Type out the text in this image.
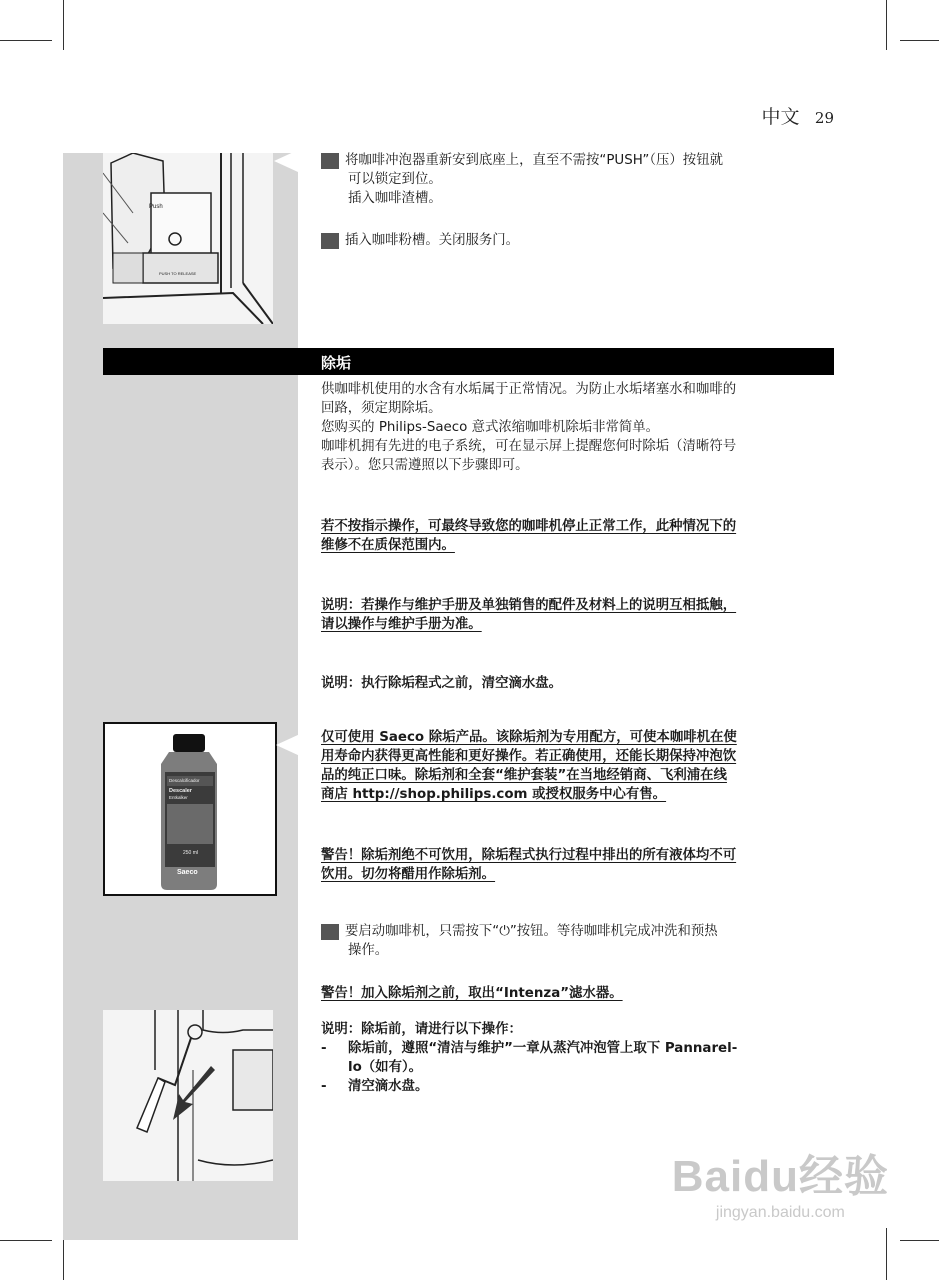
中文 29
Push
PUSH TO RELEASE
3 将咖啡冲泡器重新安到底座上，直至不需按“PUSH”（压）按钮就
可以锁定到位。
插入咖啡渣槽。
4 插入咖啡粉槽。关闭服务门。
除垢
供咖啡机使用的水含有水垢属于正常情况。为防止水垢堵塞水和咖啡的
回路，须定期除垢。
您购买的 Philips-Saeco 意式浓缩咖啡机除垢非常简单。
咖啡机拥有先进的电子系统，可在显示屏上提醒您何时除垢（清晰符号
表示）。您只需遵照以下步骤即可。
若不按指示操作，可最终导致您的咖啡机停止正常工作，此种情况下的
维修不在质保范围内。
说明：若操作与维护手册及单独销售的配件及材料上的说明互相抵触，
请以操作与维护手册为准。
说明：执行除垢程式之前，清空滴水盘。
Descalcificador
Descaler
Entkalker
250 ml
Saeco
仅可使用 Saeco 除垢产品。该除垢剂为专用配方，可使本咖啡机在使
用寿命内获得更高性能和更好操作。若正确使用，还能长期保持冲泡饮
品的纯正口味。除垢剂和全套“维护套装”在当地经销商、飞利浦在线
商店 http://shop.philips.com 或授权服务中心有售。
警告！除垢剂绝不可饮用，除垢程式执行过程中排出的所有液体均不可
饮用。切勿将醋用作除垢剂。
1 要启动咖啡机，只需按下“⏻”按钮。等待咖啡机完成冲洗和预热
操作。
警告！加入除垢剂之前，取出“Intenza”滤水器。
说明：除垢前，请进行以下操作：
- 除垢前，遵照“清洁与维护”一章从蒸汽冲泡管上取下 Pannarel-
lo（如有）。
- 清空滴水盘。
Baidu经验
jingyan.baidu.com
